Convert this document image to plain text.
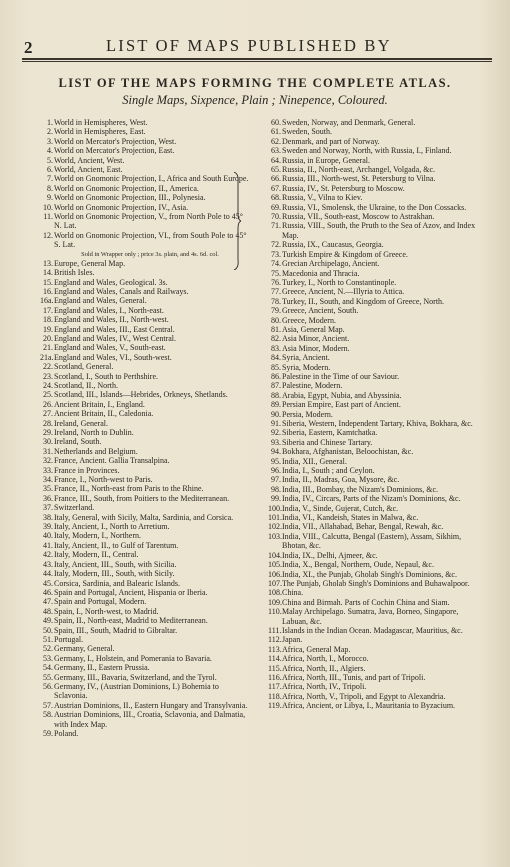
2	LIST OF MAPS PUBLISHED BY
LIST OF THE MAPS FORMING THE COMPLETE ATLAS.
Single Maps, Sixpence, Plain ; Ninepence, Coloured.
1. World in Hemispheres, West.
2. World in Hemispheres, East.
3. World on Mercator's Projection, West.
4. World on Mercator's Projection, East.
5. World, Ancient, West.
6. World, Ancient, East.
7. World on Gnomonic Projection, I., Africa and South Europe.
8. World on Gnomonic Projection, II., America.
9. World on Gnomonic Projection, III., Polynesia.
10. World on Gnomonic Projection, IV., Asia.
11. World on Gnomonic Projection, V., from North Pole to 45° N. Lat.
12. World on Gnomonic Projection, VI., from South Pole to 45° S. Lat.
Sold in Wrapper only ; price 3s. plain, and 4s. 6d. col.
13. Europe, General Map.
14. British Isles.
15. England and Wales, Geological. 3s.
16. England and Wales, Canals and Railways.
16a. England and Wales, General.
17. England and Wales, I., North-east.
18. England and Wales, II., North-west.
19. England and Wales, III., East Central.
20. England and Wales, IV., West Central.
21. England and Wales, V., South-east.
21a. England and Wales, VI., South-west.
22. Scotland, General.
23. Scotland, I., South to Perthshire.
24. Scotland, II., North.
25. Scotland, III., Islands—Hebrides, Orkneys, Shetlands.
26. Ancient Britain, I., England.
27. Ancient Britain, II., Caledonia.
28. Ireland, General.
29. Ireland, North to Dublin.
30. Ireland, South.
31. Netherlands and Belgium.
32. France, Ancient. Gallia Transalpina.
33. France in Provinces.
34. France, I., North-west to Paris.
35. France, II., North-east from Paris to the Rhine.
36. France, III., South, from Poitiers to the Mediterranean.
37. Switzerland.
38. Italy, General, with Sicily, Malta, Sardinia, and Corsica.
39. Italy, Ancient, I., North to Arretium.
40. Italy, Modern, I., Northern.
41. Italy, Ancient, II., to Gulf of Tarentum.
42. Italy, Modern, II., Central.
43. Italy, Ancient, III., South, with Sicilia.
44. Italy, Modern, III., South, with Sicily.
45. Corsica, Sardinia, and Balearic Islands.
46. Spain and Portugal, Ancient, Hispania or Iberia.
47. Spain and Portugal, Modern.
48. Spain, I., North-west, to Madrid.
49. Spain, II., North-east, Madrid to Mediterranean.
50. Spain, III., South, Madrid to Gibraltar.
51. Portugal.
52. Germany, General.
53. Germany, I., Holstein, and Pomerania to Bavaria.
54. Germany, II., Eastern Prussia.
55. Germany, III., Bavaria, Switzerland, and the Tyrol.
56. Germany, IV., (Austrian Dominions, I.) Bohemia to Sclavonia.
57. Austrian Dominions, II., Eastern Hungary and Transylvania.
58. Austrian Dominions, III., Croatia, Sclavonia, and Dalmatia, with Index Map.
59. Poland.
60. Sweden, Norway, and Denmark, General.
61. Sweden, South.
62. Denmark, and part of Norway.
63. Sweden and Norway, North, with Russia, I., Finland.
64. Russia, in Europe, General.
65. Russia, II., North-east, Archangel, Volgada, &c.
66. Russia, III., North-west, St. Petersburg to Vilna.
67. Russia, IV., St. Petersburg to Moscow.
68. Russia, V., Vilna to Kiev.
69. Russia, VI., Smolensk, the Ukraine, to the Don Cossacks.
70. Russia, VII., South-east, Moscow to Astrakhan.
71. Russia, VIII., South, the Pruth to the Sea of Azov, and Index Map.
72. Russia, IX., Caucasus, Georgia.
73. Turkish Empire & Kingdom of Greece.
74. Grecian Archipelago, Ancient.
75. Macedonia and Thracia.
76. Turkey, I., North to Constantinople.
77. Greece, Ancient, N.—Illyria to Attica.
78. Turkey, II., South, and Kingdom of Greece, North.
79. Greece, Ancient, South.
80. Greece, Modern.
81. Asia, General Map.
82. Asia Minor, Ancient.
83. Asia Minor, Modern.
84. Syria, Ancient.
85. Syria, Modern.
86. Palestine in the Time of our Saviour.
87. Palestine, Modern.
88. Arabia, Egypt, Nubia, and Abyssinia.
89. Persian Empire, East part of Ancient.
90. Persia, Modern.
91. Siberia, Western, Independent Tartary, Khiva, Bokhara, &c.
92. Siberia, Eastern, Kamtchatka.
93. Siberia and Chinese Tartary.
94. Bokhara, Afghanistan, Beloochistan, &c.
95. India, XII., General.
96. India, I., South ; and Ceylon.
97. India, II., Madras, Goa, Mysore, &c.
98. India, III., Bombay, the Nizam's Dominions, &c.
99. India, IV., Circars, Parts of the Nizam's Dominions, &c.
100. India, V., Sinde, Gujerat, Cutch, &c.
101. India, VI., Kandeish, States in Malwa, &c.
102. India, VII., Allahabad, Behar, Bengal, Rewah, &c.
103. India, VIII., Calcutta, Bengal (Eastern), Assam, Sikhim, Bhotan, &c.
104. India, IX., Delhi, Ajmeer, &c.
105. India, X., Bengal, Northern, Oude, Nepaul, &c.
106. India, XI., the Punjab, Gholab Singh's Dominions, &c.
107. The Punjab, Gholab Singh's Dominions and Buhawalpoor.
108. China.
109. China and Birmah. Parts of Cochin China and Siam.
110. Malay Archipelago. Sumatra, Java, Borneo, Singapore, Labuan, &c.
111. Islands in the Indian Ocean. Madagascar, Mauritius, &c.
112. Japan.
113. Africa, General Map.
114. Africa, North, I., Morocco.
115. Africa, North, II., Algiers.
116. Africa, North, III., Tunis, and part of Tripoli.
117. Africa, North, IV., Tripoli.
118. Africa, North, V., Tripoli, and Egypt to Alexandria.
119. Africa, Ancient, or Libya, I., Mauritania to Byzacium.
